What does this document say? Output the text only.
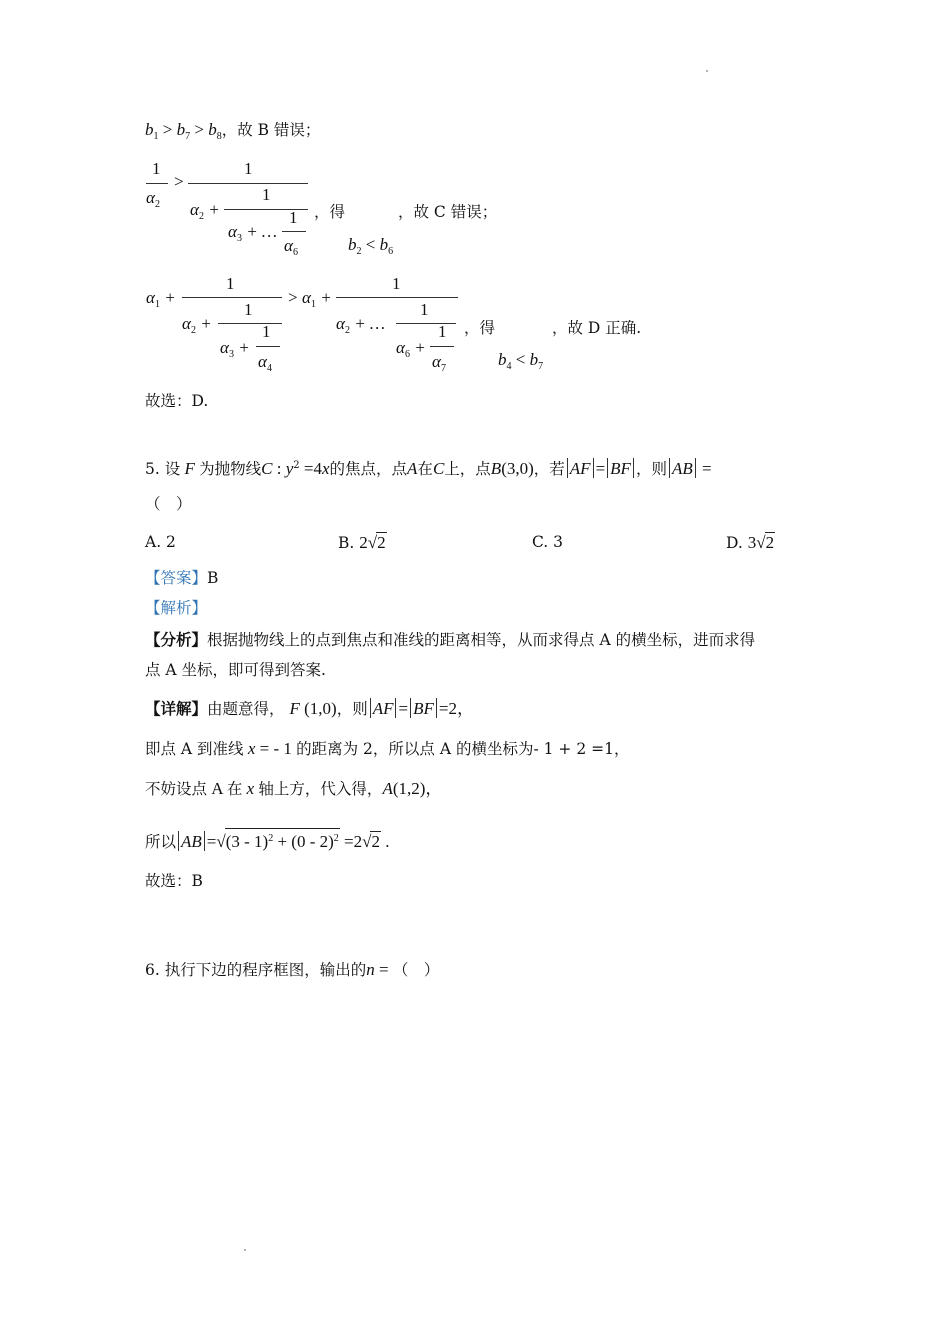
$b_1 > b_7 > b_8$，故 B 错误；
1
$\alpha_2$
>
1
$\alpha_2$ +
1
$\alpha_3$ + …
1
$\alpha_6$
，得	，故 C 错误；
$b_2 < b_6$
$\alpha_1$ +
1
$\alpha_2$ +
1
$\alpha_3$ +
1
$\alpha_4$
> $\alpha_1$ +
1
$\alpha_2$ + …
1
$\alpha_6$ +
1
$\alpha_7$
，得	，故 D 正确.
$b_4 < b_7$
故选：D.
5. 设 F 为抛物线C : $y^2 =4x$的焦点，点A在C上，点B(3,0)，若 AF = BF ，则 AB =
（　）
A. 2	B. 2√2	C. 3	D. 3√2
【答案】B
【解析】
【分析】根据抛物线上的点到焦点和准线的距离相等，从而求得点 A 的横坐标，进而求得
点 A 坐标，即可得到答案.
【详解】由题意得， F (1,0)，则 AF = BF =2，
即点 A 到准线 x = - 1 的距离为 2，所以点 A 的横坐标为- 1 + 2 =1，
不妨设点 A 在 x 轴上方，代入得，A(1,2)，
所以 AB =√(3 - 1)$^2$ + (0 - 2)$^2$ =2√2 .
故选：B
6. 执行下边的程序框图，输出的n = （　）
